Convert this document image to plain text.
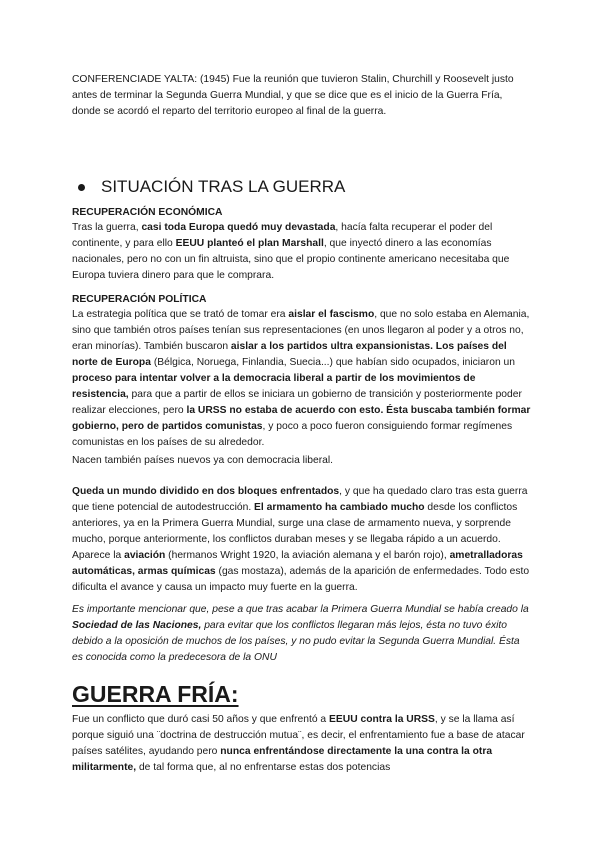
CONFERENCIADE YALTA: (1945) Fue la reunión que tuvieron Stalin, Churchill y Roosevelt justo antes de terminar la Segunda Guerra Mundial, y que se dice que es el inicio de la Guerra Fría, donde se acordó el reparto del territorio europeo al final de la guerra.
SITUACIÓN TRAS LA GUERRA
RECUPERACIÓN ECONÓMICA
Tras la guerra, casi toda Europa quedó muy devastada, hacía falta recuperar el poder del continente, y para ello EEUU planteó el plan Marshall, que inyectó dinero a las economías nacionales, pero no con un fin altruista, sino que el propio continente americano necesitaba que Europa tuviera dinero para que le comprara.
RECUPERACIÓN POLÍTICA
La estrategia política que se trató de tomar era aislar el fascismo, que no solo estaba en Alemania, sino que también otros países tenían sus representaciones (en unos llegaron al poder y a otros no, eran minorías). También buscaron aislar a los partidos ultra expansionistas. Los países del norte de Europa (Bélgica, Noruega, Finlandia, Suecia...) que habían sido ocupados, iniciaron un proceso para intentar volver a la democracia liberal a partir de los movimientos de resistencia, para que a partir de ellos se iniciara un gobierno de transición y posteriormente poder realizar elecciones, pero la URSS no estaba de acuerdo con esto. Ésta buscaba también formar gobierno, pero de partidos comunistas, y poco a poco fueron consiguiendo formar regímenes comunistas en los países de su alrededor.
Nacen también países nuevos ya con democracia liberal.
Queda un mundo dividido en dos bloques enfrentados, y que ha quedado claro tras esta guerra que tiene potencial de autodestrucción. El armamento ha cambiado mucho desde los conflictos anteriores, ya en la Primera Guerra Mundial, surge una clase de armamento nueva, y sorprende mucho, porque anteriormente, los conflictos duraban meses y se llegaba rápido a un acuerdo. Aparece la aviación (hermanos Wright 1920, la aviación alemana y el barón rojo), ametralladoras automáticas, armas químicas (gas mostaza), además de la aparición de enfermedades. Todo esto dificulta el avance y causa un impacto muy fuerte en la guerra.
Es importante mencionar que, pese a que tras acabar la Primera Guerra Mundial se había creado la Sociedad de las Naciones, para evitar que los conflictos llegaran más lejos, ésta no tuvo éxito debido a la oposición de muchos de los países, y no pudo evitar la Segunda Guerra Mundial. Ésta es conocida como la predecesora de la ONU
GUERRA FRÍA:
Fue un conflicto que duró casi 50 años y que enfrentó a EEUU contra la URSS, y se la llama así porque siguió una ¨doctrina de destrucción mutua¨, es decir, el enfrentamiento fue a base de atacar países satélites, ayudando pero nunca enfrentándose directamente la una contra la otra militarmente, de tal forma que, al no enfrentarse estas dos potencias
